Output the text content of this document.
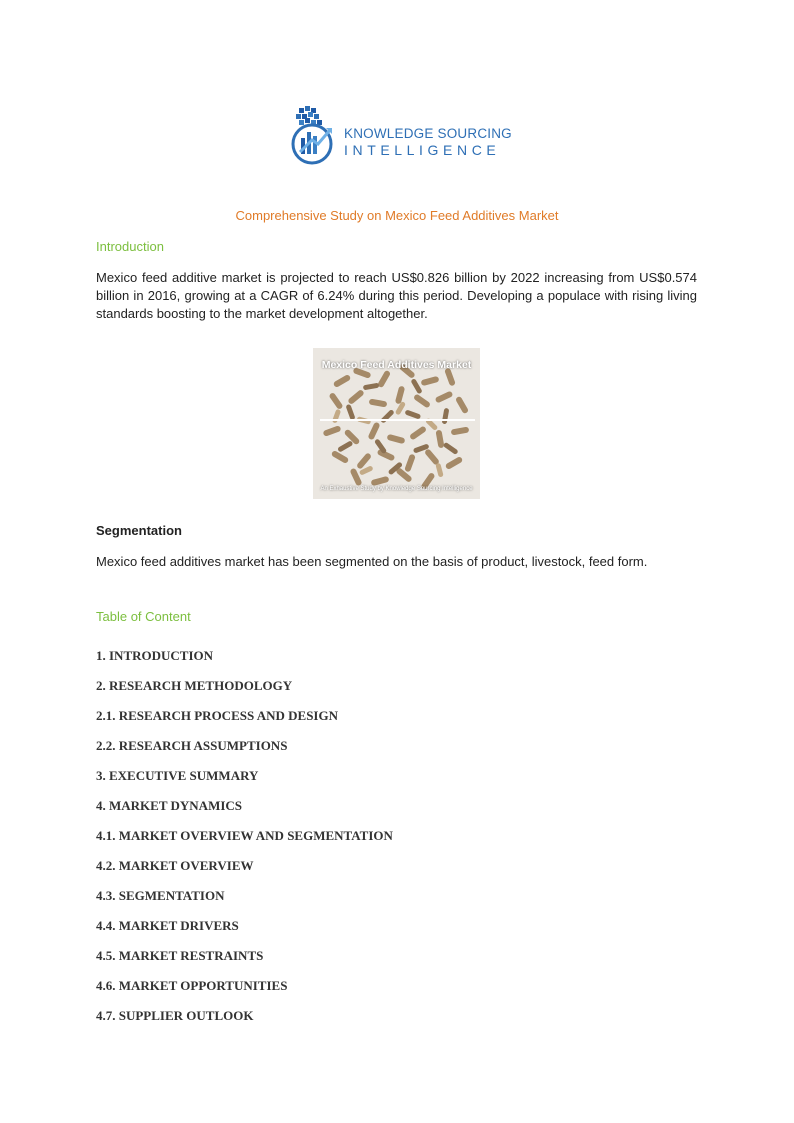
KNOWLEDGE SOURCING
INTELLIGENCE
Comprehensive Study on Mexico Feed Additives Market
Introduction
Mexico feed additive market is projected to reach US$0.826 billion by 2022 increasing from US$0.574 billion in 2016, growing at a CAGR of 6.24% during this period. Developing a populace with rising living standards boosting to the market development altogether.
Mexico Feed Additives Market
An Exhaustive Study by Knowledge Sourcing Intelligence
Segmentation
Mexico feed additives market has been segmented on the basis of product, livestock, feed form.
Table of Content
1. INTRODUCTION
2. RESEARCH METHODOLOGY
2.1. RESEARCH PROCESS AND DESIGN
2.2. RESEARCH ASSUMPTIONS
3. EXECUTIVE SUMMARY
4. MARKET DYNAMICS
4.1. MARKET OVERVIEW AND SEGMENTATION
4.2. MARKET OVERVIEW
4.3. SEGMENTATION
4.4. MARKET DRIVERS
4.5. MARKET RESTRAINTS
4.6. MARKET OPPORTUNITIES
4.7. SUPPLIER OUTLOOK
